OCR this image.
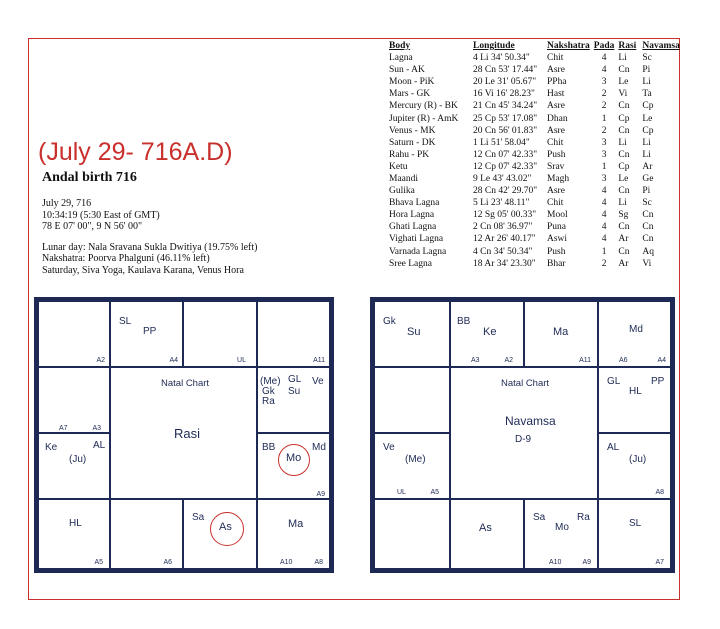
(July 29- 716A.D)
Andal birth 716
July 29, 716
10:34:19 (5:30 East of GMT)
78 E 07' 00", 9 N 56' 00"
Lunar day: Nala Sravana Sukla Dwitiya (19.75% left)
Nakshatra: Poorva Phalguni (46.11% left)
Saturday, Siva Yoga, Kaulava Karana, Venus Hora
Body	Longitude	Nakshatra	Pada	Rasi	Navamsa
Lagna	4 Li 34' 50.34"	Chit	4	Li	Sc
Sun - AK	28 Cn 53' 17.44"	Asre	4	Cn	Pi
Moon - PiK	20 Le 31' 05.67"	PPha	3	Le	Li
Mars - GK	16 Vi 16' 28.23"	Hast	2	Vi	Ta
Mercury (R) - BK	21 Cn 45' 34.24"	Asre	2	Cn	Cp
Jupiter (R) - AmK	25 Cp 53' 17.08"	Dhan	1	Cp	Le
Venus - MK	20 Cn 56' 01.83"	Asre	2	Cn	Cp
Saturn - DK	1 Li 51' 58.04"	Chit	3	Li	Li
Rahu - PK	12 Cn 07' 42.33"	Push	3	Cn	Li
Ketu	12 Cp 07' 42.33"	Srav	1	Cp	Ar
Maandi	9 Le 43' 43.02"	Magh	3	Le	Ge
Gulika	28 Cn 42' 29.70"	Asre	4	Cn	Pi
Bhava Lagna	5 Li 23' 48.11"	Chit	4	Li	Sc
Hora Lagna	12 Sg 05' 00.33"	Mool	4	Sg	Cn
Ghati Lagna	2 Cn 08' 36.97"	Puna	4	Cn	Cn
Vighati Lagna	12 Ar 26' 40.17"	Aswi	4	Ar	Cn
Varnada Lagna	4 Cn 34' 50.34"	Push	1	Cn	Aq
Sree Lagna	18 Ar 34' 23.30"	Bhar	2	Ar	Vi
A2
SL
PP
A4	UL	A11
A7	A3
Ke	AL
(Ju)
Natal Chart
Rasi
(Me) GL Ve
Gk Su
Ra
BB	Md
Mo
A9
HL
A5	A6
Sa
As	Ma
A10	A8
Gk
Su
BB
Ke
A3	A2
Ma
A11
Md
A6	A4
Ve
(Me)
UL	A5
Natal Chart
Navamsa
D-9
GL	PP
HL
AL
(Ju)
A8
As
Sa	Ra
Mo
A10	A9
SL
A7
